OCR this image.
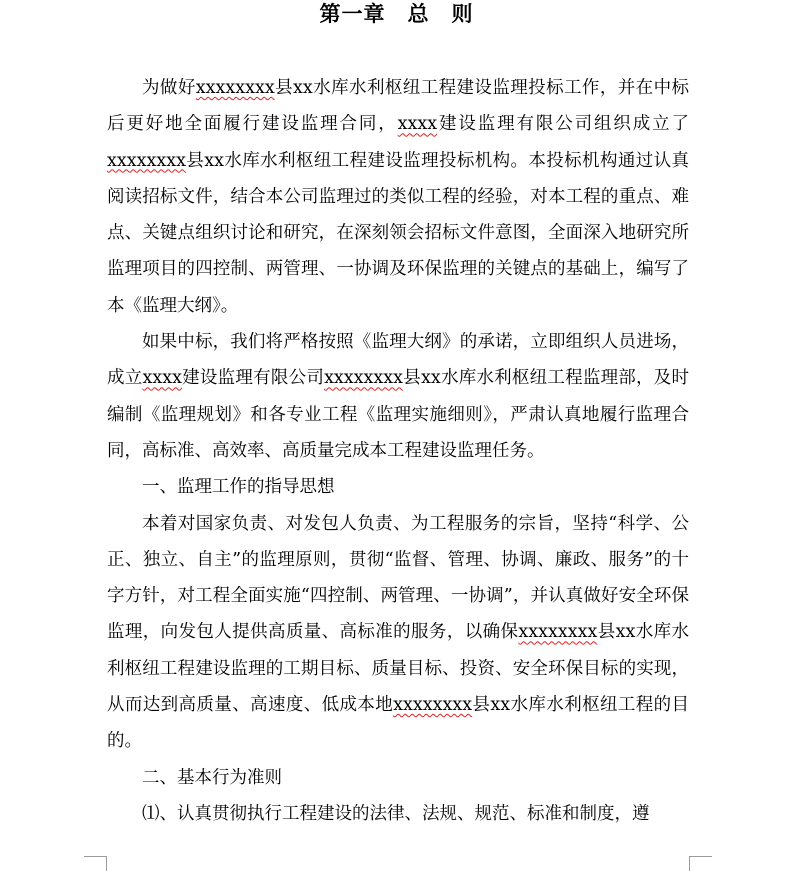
第一章 总　则

为做好xxxxxxxx县xx水库水利枢纽工程建设监理投标工作，并在中标后更好地全面履行建设监理合同，xxxx建设监理有限公司组织成立了xxxxxxxx县xx水库水利枢纽工程建设监理投标机构。本投标机构通过认真阅读招标文件，结合本公司监理过的类似工程的经验，对本工程的重点、难点、关键点组织讨论和研究，在深刻领会招标文件意图，全面深入地研究所监理项目的四控制、两管理、一协调及环保监理的关键点的基础上，编写了本《监理大纲》。

如果中标，我们将严格按照《监理大纲》的承诺，立即组织人员进场，成立xxxx建设监理有限公司xxxxxxxx县xx水库水利枢纽工程监理部，及时编制《监理规划》和各专业工程《监理实施细则》，严肃认真地履行监理合同，高标准、高效率、高质量完成本工程建设监理任务。

一、监理工作的指导思想

本着对国家负责、对发包人负责、为工程服务的宗旨，坚持“科学、公正、独立、自主”的监理原则，贯彻“监督、管理、协调、廉政、服务”的十字方针，对工程全面实施“四控制、两管理、一协调”，并认真做好安全环保监理，向发包人提供高质量、高标准的服务，以确保xxxxxxxx县xx水库水利枢纽工程建设监理的工期目标、质量目标、投资、安全环保目标的实现，从而达到高质量、高速度、低成本地xxxxxxxx县xx水库水利枢纽工程的目的。

二、基本行为准则

⑴、认真贯彻执行工程建设的法律、法规、规范、标准和制度，遵
